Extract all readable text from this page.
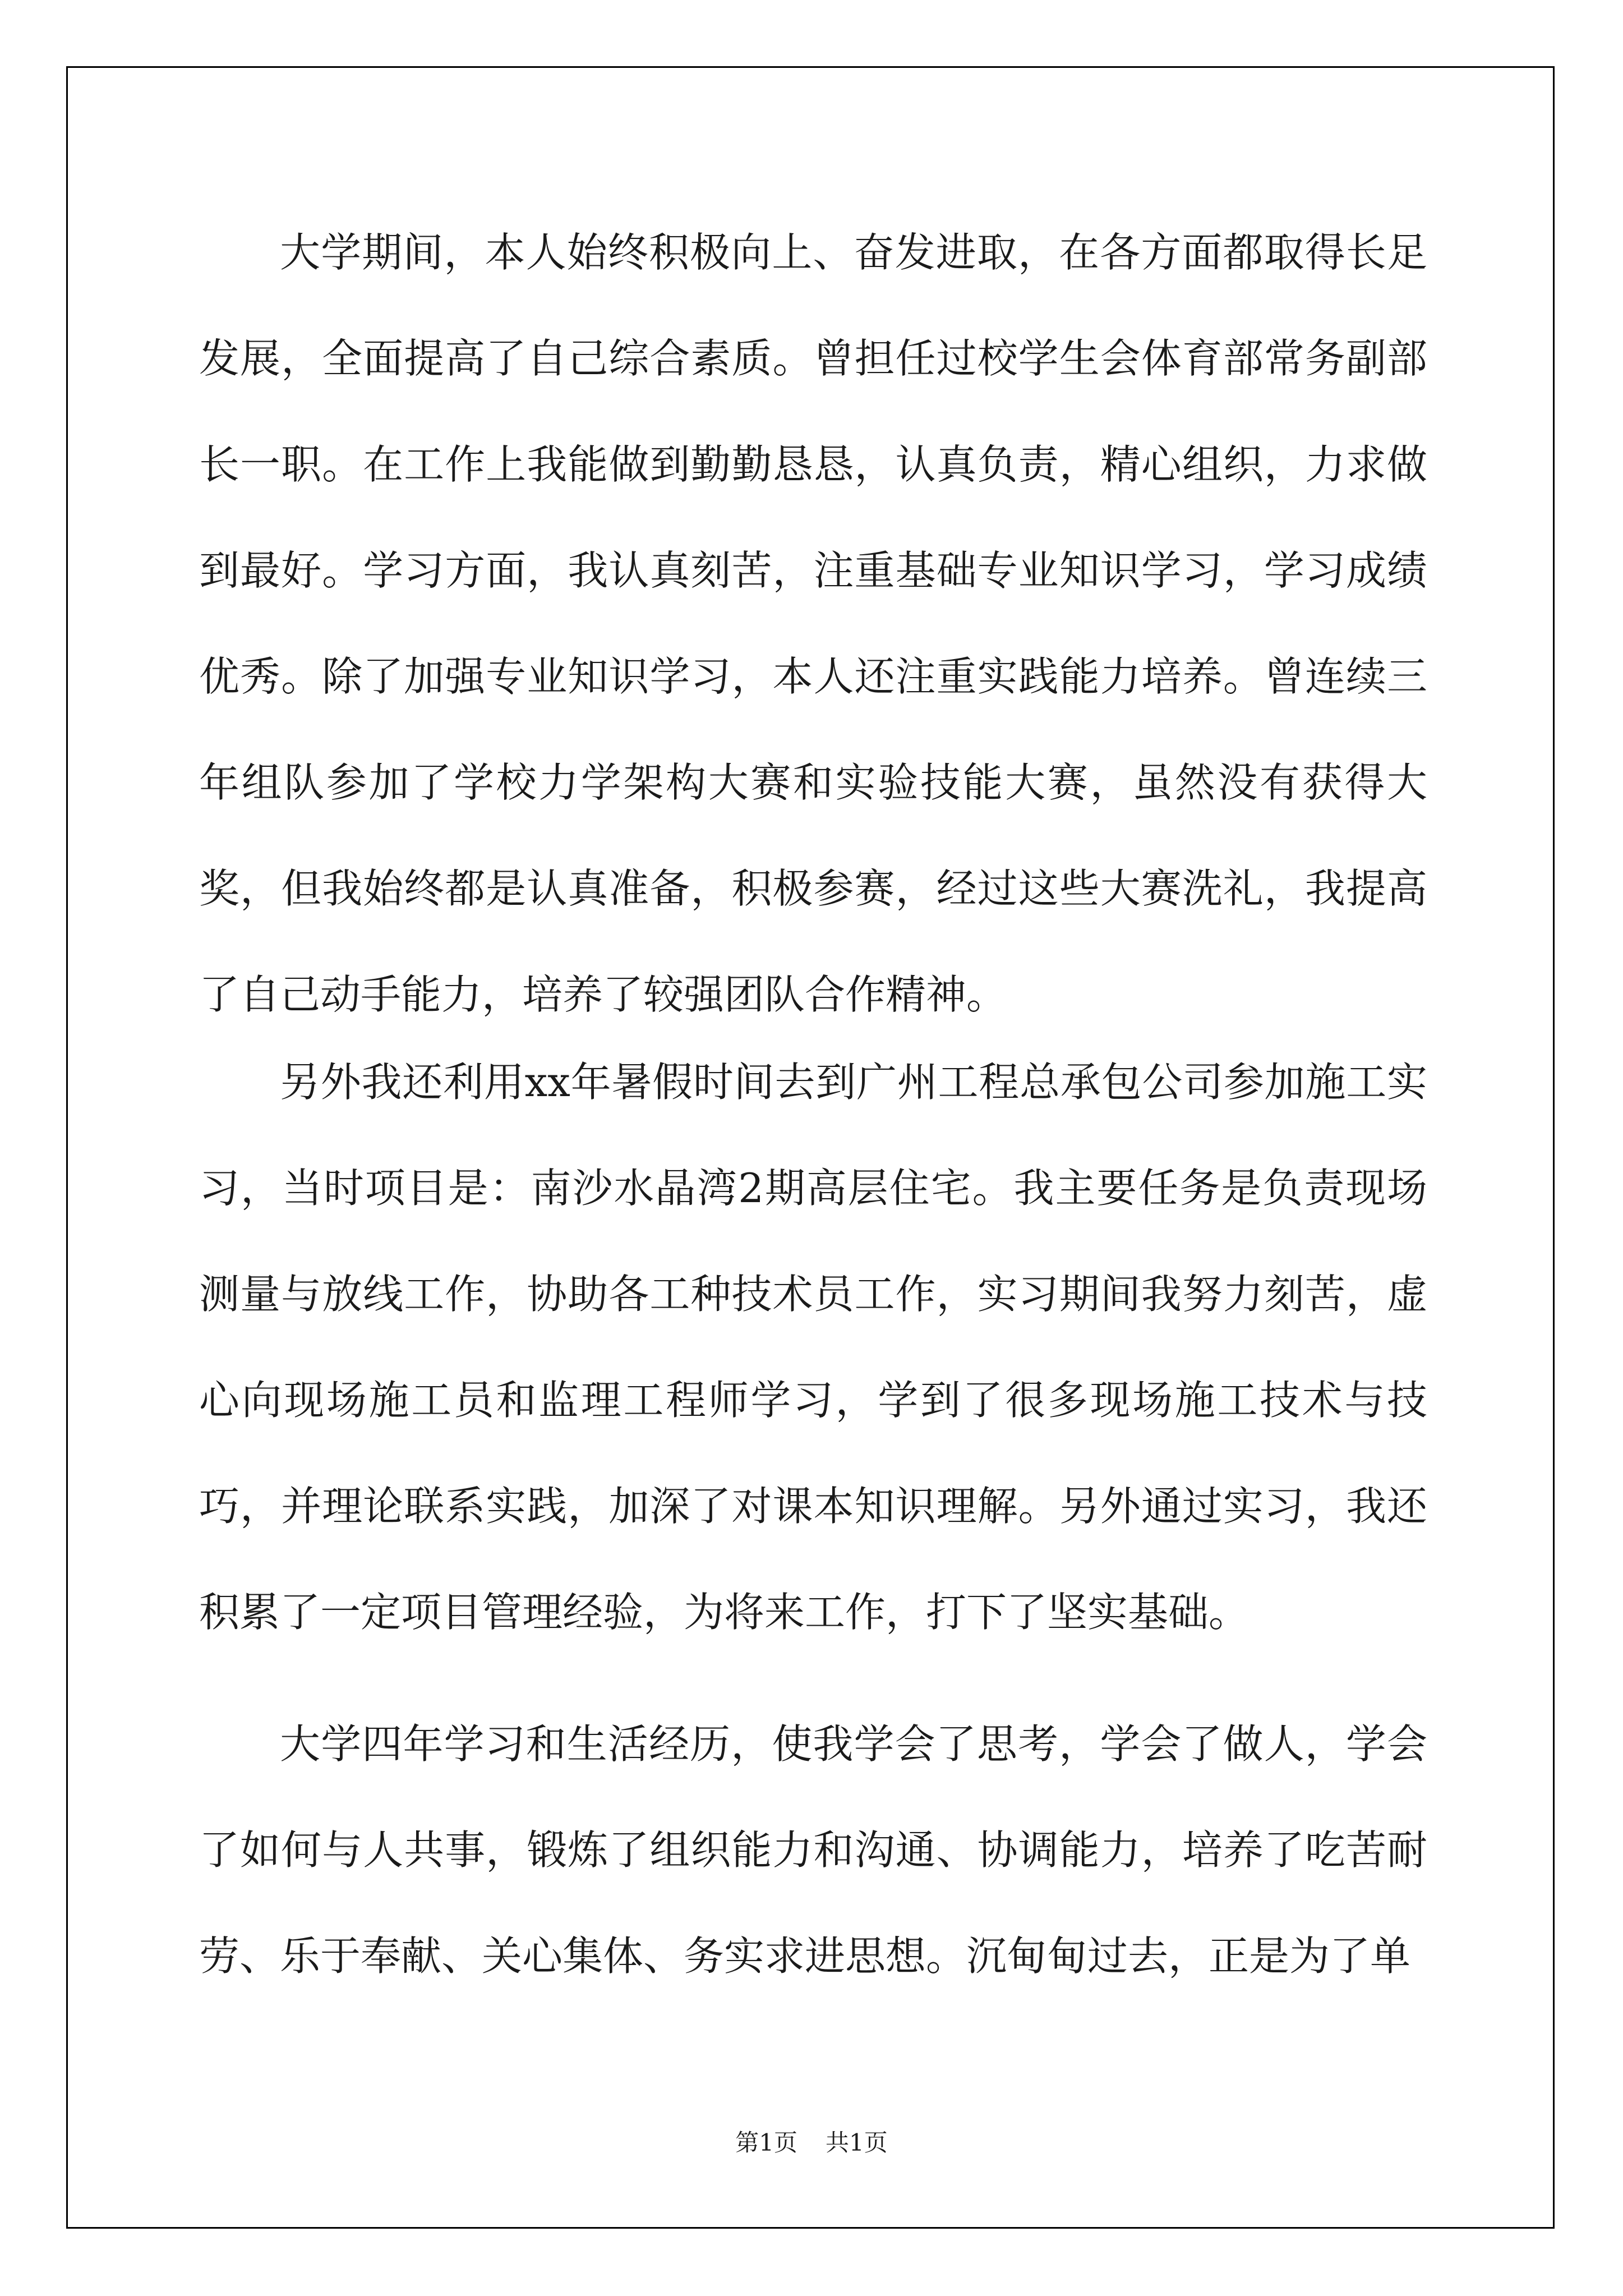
大学期间，本人始终积极向上、奋发进取，在各方面都取得长足发展，全面提高了自己综合素质。曾担任过校学生会体育部常务副部长一职。在工作上我能做到勤勤恳恳，认真负责，精心组织，力求做到最好。学习方面，我认真刻苦，注重基础专业知识学习，学习成绩优秀。除了加强专业知识学习，本人还注重实践能力培养。曾连续三年组队参加了学校力学架构大赛和实验技能大赛，虽然没有获得大奖，但我始终都是认真准备，积极参赛，经过这些大赛洗礼，我提高了自己动手能力，培养了较强团队合作精神。

另外我还利用xx年暑假时间去到广州工程总承包公司参加施工实习，当时项目是：南沙水晶湾2期高层住宅。我主要任务是负责现场测量与放线工作，协助各工种技术员工作，实习期间我努力刻苦，虚心向现场施工员和监理工程师学习，学到了很多现场施工技术与技巧，并理论联系实践，加深了对课本知识理解。另外通过实习，我还积累了一定项目管理经验，为将来工作，打下了坚实基础。

大学四年学习和生活经历，使我学会了思考，学会了做人，学会了如何与人共事，锻炼了组织能力和沟通、协调能力，培养了吃苦耐劳、乐于奉献、关心集体、务实求进思想。沉甸甸过去，正是为了单

第1页 共1页
